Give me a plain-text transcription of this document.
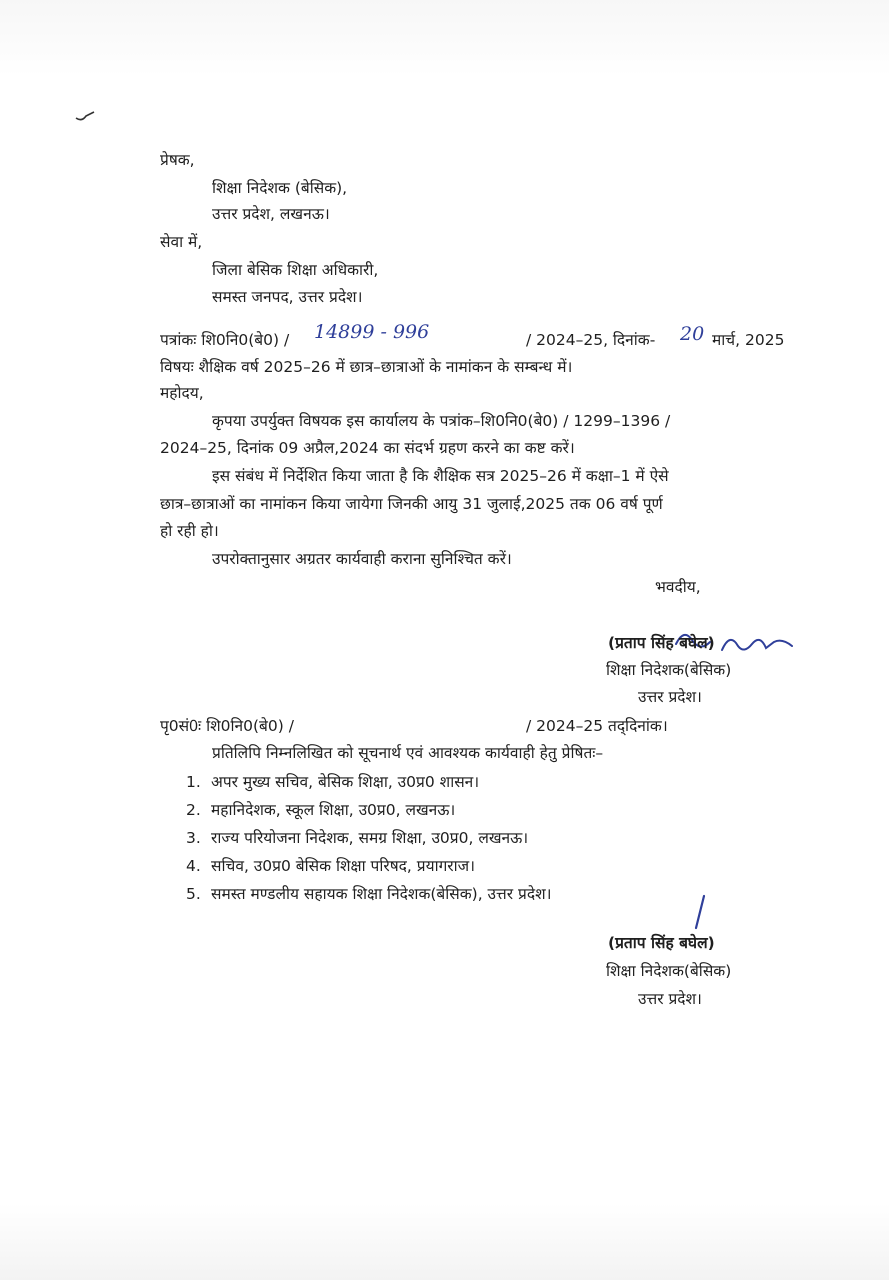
प्रेषक,
शिक्षा निदेशक (बेसिक),
उत्तर प्रदेश, लखनऊ।
सेवा में,
जिला बेसिक शिक्षा अधिकारी,
समस्त जनपद, उत्तर प्रदेश।
पत्रांकः शि0नि0(बे0) / 14899 - 996	/ 2024–25, दिनांक- 20 मार्च, 2025
विषयः शैक्षिक वर्ष 2025–26 में छात्र–छात्राओं के नामांकन के सम्बन्ध में।
महोदय,
कृपया उपर्युक्त विषयक इस कार्यालय के पत्रांक–शि0नि0(बे0) / 1299–1396 /
2024–25, दिनांक 09 अप्रैल,2024 का संदर्भ ग्रहण करने का कष्ट करें।
इस संबंध में निर्देशित किया जाता है कि शैक्षिक सत्र 2025–26 में कक्षा–1 में ऐसे
छात्र–छात्राओं का नामांकन किया जायेगा जिनकी आयु 31 जुलाई,2025 तक 06 वर्ष पूर्ण
हो रही हो।
उपरोक्तानुसार अग्रतर कार्यवाही कराना सुनिश्चित करें।
भवदीय,
(प्रताप सिंह बघेल)
शिक्षा निदेशक(बेसिक)
उत्तर प्रदेश।
पृ0सं0ः शि0नि0(बे0) /	/ 2024–25 तद्‌दिनांक।
प्रतिलिपि निम्नलिखित को सूचनार्थ एवं आवश्यक कार्यवाही हेतु प्रेषितः–
1. अपर मुख्य सचिव, बेसिक शिक्षा, उ0प्र0 शासन।
2. महानिदेशक, स्कूल शिक्षा, उ0प्र0, लखनऊ।
3. राज्य परियोजना निदेशक, समग्र शिक्षा, उ0प्र0, लखनऊ।
4. सचिव, उ0प्र0 बेसिक शिक्षा परिषद, प्रयागराज।
5. समस्त मण्डलीय सहायक शिक्षा निदेशक(बेसिक), उत्तर प्रदेश।
(प्रताप सिंह बघेल)
शिक्षा निदेशक(बेसिक)
उत्तर प्रदेश।
